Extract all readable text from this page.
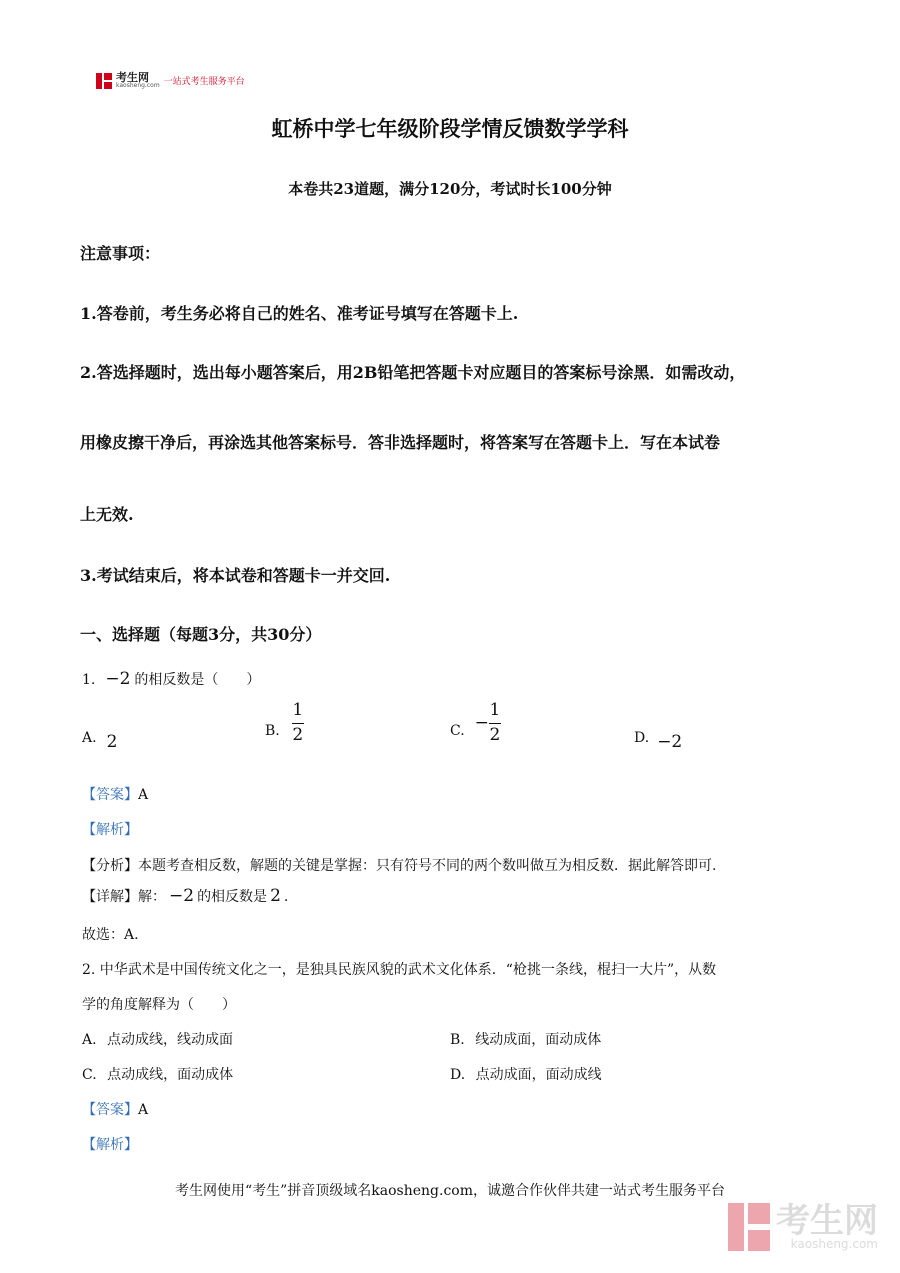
考生网
kaosheng.com 一站式考生服务平台
虹桥中学七年级阶段学情反馈数学学科
本卷共23道题，满分120分，考试时长100分钟
注意事项：
1.答卷前，考生务必将自己的姓名、准考证号填写在答题卡上.
2.答选择题时，选出每小题答案后，用2B铅笔把答题卡对应题目的答案标号涂黑．如需改动，
用橡皮擦干净后，再涂选其他答案标号．答非选择题时，将答案写在答题卡上．写在本试卷
上无效.
3.考试结束后，将本试卷和答题卡一并交回.
一、选择题（每题3分，共30分）
1. −2 的相反数是（　　）
A. 2
B. $\frac{1}{2}$	C. − $\frac{1}{2}$	D. −2
【答案】 A
【解析】
【分析】本题考查相反数，解题的关键是掌握：只有符号不同的两个数叫做互为相反数．据此解答即可.
【详解】解： −2 的相反数是 2 .
故选：A.
2. 中华武术是中国传统文化之一，是独具民族风貌的武术文化体系．“枪挑一条线，棍扫一大片”，从数
学的角度解释为（　　）
A. 点动成线，线动成面	B. 线动成面，面动成体
C. 点动成线，面动成体	D. 点动成面，面动成线
【答案】 A
【解析】
考生网使用“考生”拼音顶级域名kaosheng.com，诚邀合作伙伴共建一站式考生服务平台
考生网
kaosheng.com
